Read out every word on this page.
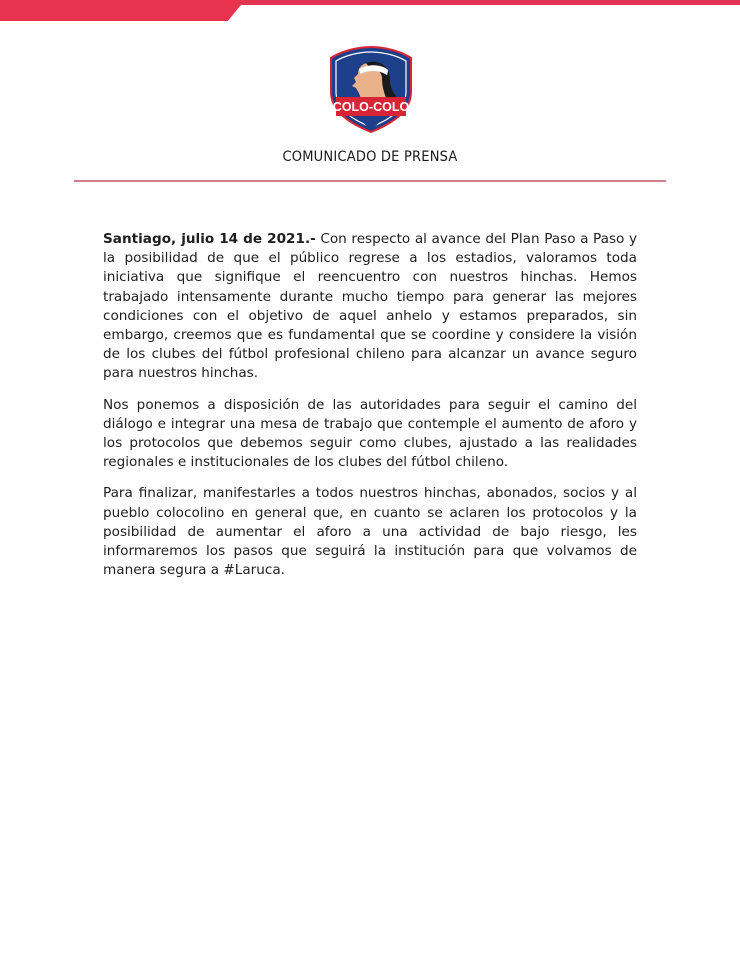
COLO-COLO
COMUNICADO DE PRENSA

Santiago, julio 14 de 2021.- Con respecto al avance del Plan Paso a Paso y la posibilidad de que el público regrese a los estadios, valoramos toda iniciativa que signifique el reencuentro con nuestros hinchas. Hemos trabajado intensamente durante mucho tiempo para generar las mejores condiciones con el objetivo de aquel anhelo y estamos preparados, sin embargo, creemos que es fundamental que se coordine y considere la visión de los clubes del fútbol profesional chileno para alcanzar un avance seguro para nuestros hinchas.

Nos ponemos a disposición de las autoridades para seguir el camino del diálogo e integrar una mesa de trabajo que contemple el aumento de aforo y los protocolos que debemos seguir como clubes, ajustado a las realidades regionales e institucionales de los clubes del fútbol chileno.

Para finalizar, manifestarles a todos nuestros hinchas, abonados, socios y al pueblo colocolino en general que, en cuanto se aclaren los protocolos y la posibilidad de aumentar el aforo a una actividad de bajo riesgo, les informaremos los pasos que seguirá la institución para que volvamos de manera segura a #Laruca.
